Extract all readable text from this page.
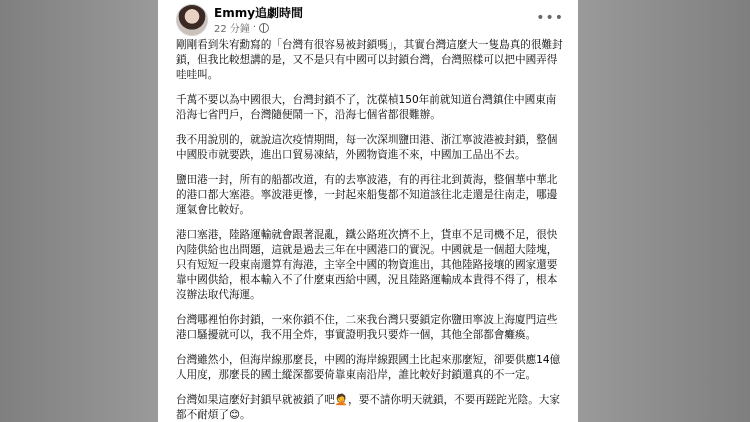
Emmy追劇時間
22 分鐘 ·
•••

剛剛看到朱宥勳寫的「台灣有很容易被封鎖嗎」，其實台灣這麼大一隻島真的很難封鎖，但我比較想講的是，又不是只有中國可以封鎖台灣，台灣照樣可以把中國弄得哇哇叫。

千萬不要以為中國很大，台灣封鎖不了，沈葆楨150年前就知道台灣鎮住中國東南沿海七省門戶，台灣隨便鬧一下，沿海七個省都很難辦。

我不用說別的，就說這次疫情期間，每一次深圳鹽田港、浙江寧波港被封鎖，整個中國股市就要跌，進出口貿易凍結，外國物資進不來，中國加工品出不去。

鹽田港一封，所有的船都改道，有的去寧波港，有的再往北到黃海，整個華中華北的港口都大塞港。寧波港更慘，一封起來船隻都不知道該往北走還是往南走，哪邊運氣會比較好。

港口塞港，陸路運輸就會跟著混亂，鐵公路班次擠不上，貨車不足司機不足，很快內陸供給也出問題，這就是過去三年在中國港口的實況。中國就是一個超大陸塊，只有短短一段東南還算有海港，主宰全中國的物資進出，其他陸路接壤的國家還要靠中國供給，根本輸入不了什麼東西給中國，況且陸路運輸成本貴得不得了，根本沒辦法取代海運。

台灣哪裡怕你封鎖，一來你鎖不住，二來我台灣只要鎖定你鹽田寧波上海廈門這些港口騷擾就可以，我不用全炸，事實證明我只要炸一個，其他全部都會癱瘓。

台灣雖然小，但海岸線那麼長，中國的海岸線跟國土比起來那麼短，卻要供應14億人用度，那麼長的國土縱深都要倚靠東南沿岸，誰比較好封鎖還真的不一定。

台灣如果這麼好封鎖早就被鎖了吧🤦，要不請你明天就鎖，不要再蹉跎光陰。大家都不耐煩了😊。
